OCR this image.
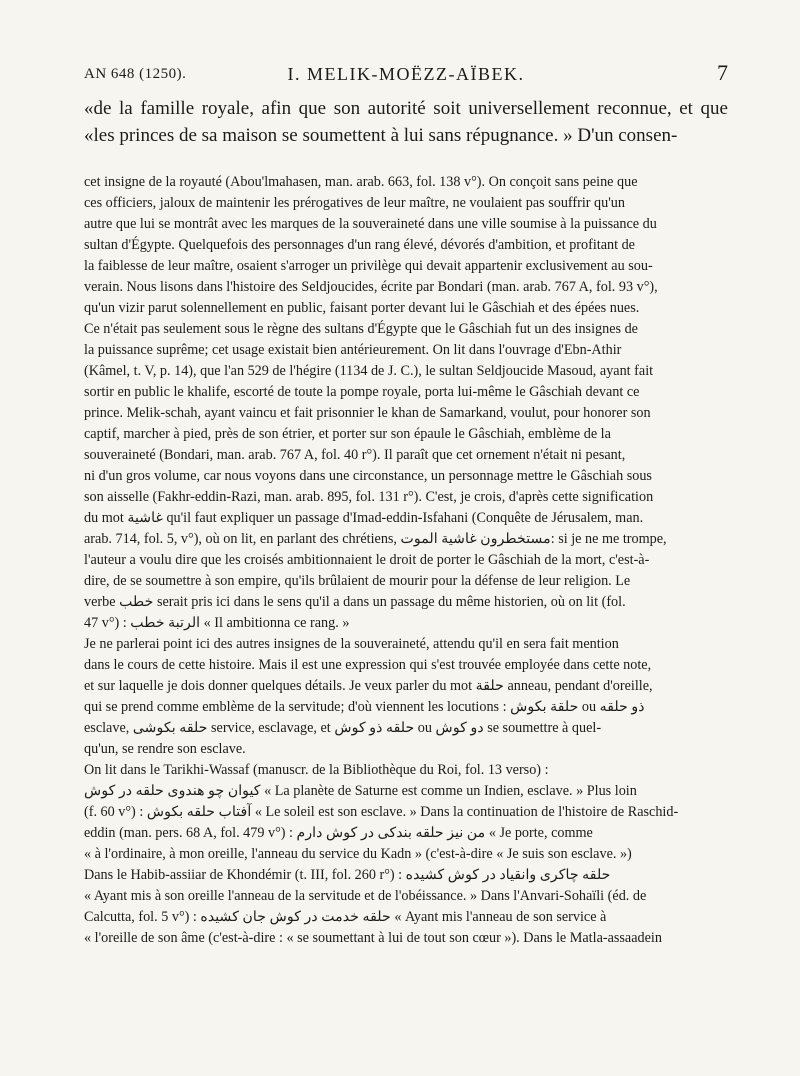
AN 648 (1250).	I. MELIK-MOËZZ-AÏBEK.	7

«de la famille royale, afin que son autorité soit universellement reconnue, et que «les princes de sa maison se soumettent à lui sans répugnance. » D'un consen-

cet insigne de la royauté (Abou'lmahasen, man. arab. 663, fol. 138 v°). On conçoit sans peine que
ces officiers, jaloux de maintenir les prérogatives de leur maître, ne voulaient pas souffrir qu'un
autre que lui se montrât avec les marques de la souveraineté dans une ville soumise à la puissance du
sultan d'Égypte. Quelquefois des personnages d'un rang élevé, dévorés d'ambition, et profitant de
la faiblesse de leur maître, osaient s'arroger un privilège qui devait appartenir exclusivement au sou-
verain. Nous lisons dans l'histoire des Seldjoucides, écrite par Bondari (man. arab. 767 A, fol. 93 v°),
qu'un vizir parut solennellement en public, faisant porter devant lui le Gâschiah et des épées nues.
Ce n'était pas seulement sous le règne des sultans d'Égypte que le Gâschiah fut un des insignes de
la puissance suprême; cet usage existait bien antérieurement. On lit dans l'ouvrage d'Ebn-Athir
(Kâmel, t. V, p. 14), que l'an 529 de l'hégire (1134 de J. C.), le sultan Seldjoucide Masoud, ayant fait
sortir en public le khalife, escorté de toute la pompe royale, porta lui-même le Gâschiah devant ce
prince. Melik-schah, ayant vaincu et fait prisonnier le khan de Samarkand, voulut, pour honorer son
captif, marcher à pied, près de son étrier, et porter sur son épaule le Gâschiah, emblème de la
souveraineté (Bondari, man. arab. 767 A, fol. 40 r°). Il paraît que cet ornement n'était ni pesant,
ni d'un gros volume, car nous voyons dans une circonstance, un personnage mettre le Gâschiah sous
son aisselle (Fakhr-eddin-Razi, man. arab. 895, fol. 131 r°). C'est, je crois, d'après cette signification
du mot غاشية qu'il faut expliquer un passage d'Imad-eddin-Isfahani (Conquête de Jérusalem, man.
arab. 714, fol. 5, v°), où on lit, en parlant des chrétiens, مستخطرون غاشية الموت: si je ne me trompe,
l'auteur a voulu dire que les croisés ambitionnaient le droit de porter le Gâschiah de la mort, c'est-à-
dire, de se soumettre à son empire, qu'ils brûlaient de mourir pour la défense de leur religion. Le
verbe خطب serait pris ici dans le sens qu'il a dans un passage du même historien, où on lit (fol.
47 v°) : الرتبة خطب « Il ambitionna ce rang. »
Je ne parlerai point ici des autres insignes de la souveraineté, attendu qu'il en sera fait mention
dans le cours de cette histoire. Mais il est une expression qui s'est trouvée employée dans cette note,
et sur laquelle je dois donner quelques détails. Je veux parler du mot حلقة anneau, pendant d'oreille,
qui se prend comme emblème de la servitude; d'où viennent les locutions : حلقة بكوش ou ذو حلقه
esclave, حلقه بكوشى service, esclavage, et حلقه ذو كوش ou دو كوش se soumettre à quel-
qu'un, se rendre son esclave.
On lit dans le Tarikhi-Wassaf (manuscr. de la Bibliothèque du Roi, fol. 13 verso) :
كيوان چو هندوى حلقه در كوش « La planète de Saturne est comme un Indien, esclave. » Plus loin
(f. 60 v°) : آفتاب حلقه بكوش « Le soleil est son esclave. » Dans la continuation de l'histoire de Raschid-
eddin (man. pers. 68 A, fol. 479 v°) : من نيز حلقه بندكى در كوش دارم « Je porte, comme
« à l'ordinaire, à mon oreille, l'anneau du service du Kadn » (c'est-à-dire « Je suis son esclave. »)
Dans le Habib-assiiar de Khondémir (t. III, fol. 260 r°) : حلقه چاكرى وانقياد در كوش كشيده
« Ayant mis à son oreille l'anneau de la servitude et de l'obéissance. » Dans l'Anvari-Sohaïli (éd. de
Calcutta, fol. 5 v°) : حلقه خدمت در كوش جان كشيده « Ayant mis l'anneau de son service à
« l'oreille de son âme (c'est-à-dire : « se soumettant à lui de tout son cœur »). Dans le Matla-assaadein
